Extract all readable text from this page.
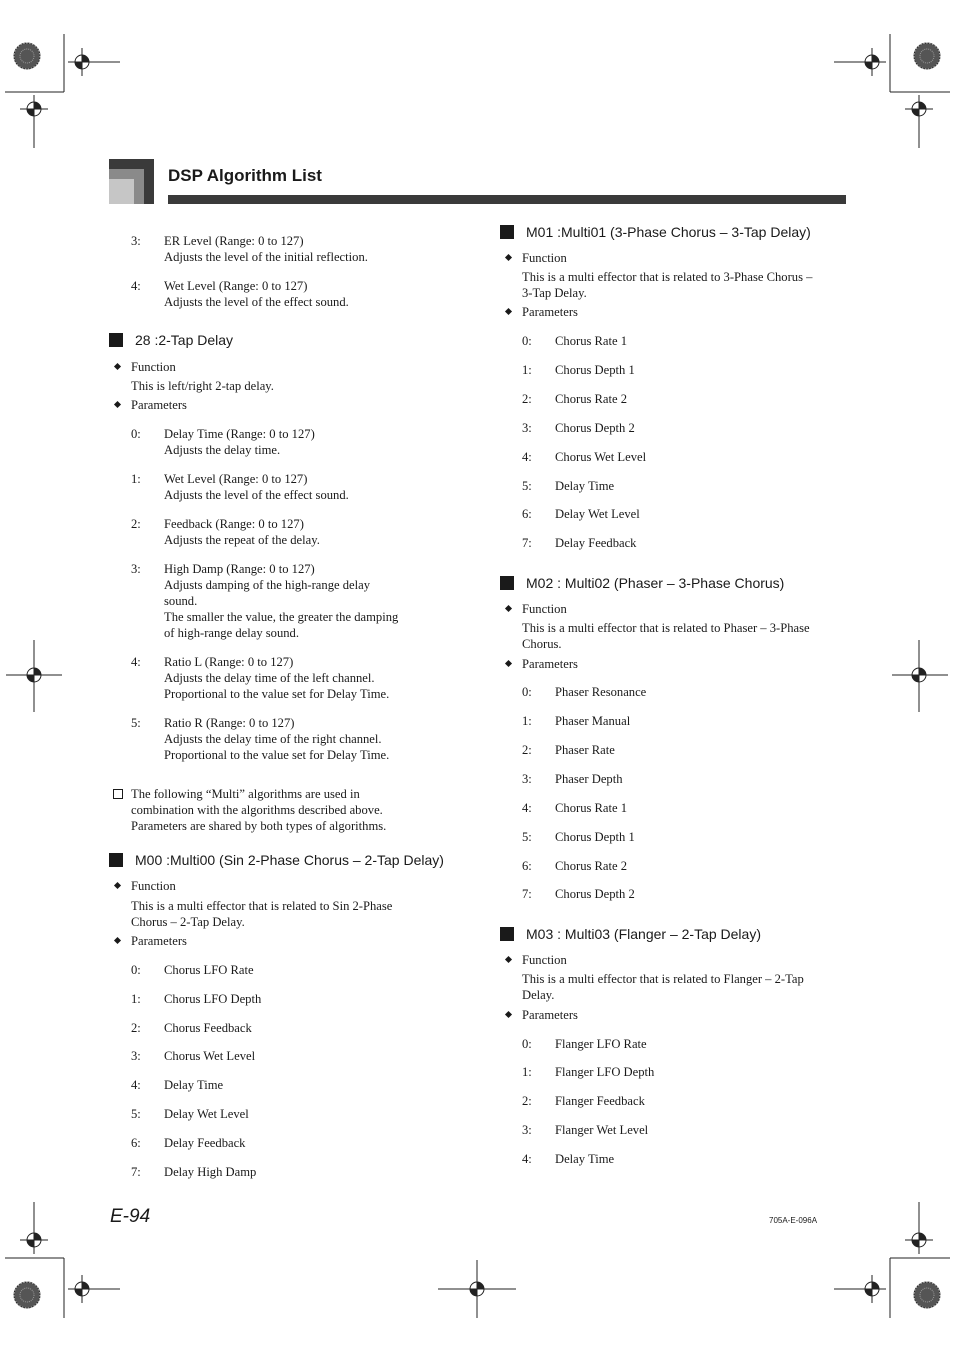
DSP Algorithm List
3: ER Level (Range: 0 to 127)
Adjusts the level of the initial reflection.
4: Wet Level (Range: 0 to 127)
Adjusts the level of the effect sound.
28 :2-Tap Delay
Function
This is left/right 2-tap delay.
Parameters
0: Delay Time (Range: 0 to 127)
Adjusts the delay time.
1: Wet Level (Range: 0 to 127)
Adjusts the level of the effect sound.
2: Feedback (Range: 0 to 127)
Adjusts the repeat of the delay.
3: High Damp (Range: 0 to 127)
Adjusts damping of the high-range delay
sound.
The smaller the value, the greater the damping
of high-range delay sound.
4: Ratio L (Range: 0 to 127)
Adjusts the delay time of the left channel.
Proportional to the value set for Delay Time.
5: Ratio R (Range: 0 to 127)
Adjusts the delay time of the right channel.
Proportional to the value set for Delay Time.
The following “Multi” algorithms are used in
combination with the algorithms described above.
Parameters are shared by both types of algorithms.
M00 :Multi00 (Sin 2-Phase Chorus – 2-Tap Delay)
Function
This is a multi effector that is related to Sin 2-Phase
Chorus – 2-Tap Delay.
Parameters
0: Chorus LFO Rate
1: Chorus LFO Depth
2: Chorus Feedback
3: Chorus Wet Level
4: Delay Time
5: Delay Wet Level
6: Delay Feedback
7: Delay High Damp
M01 :Multi01 (3-Phase Chorus – 3-Tap Delay)
Function
This is a multi effector that is related to 3-Phase Chorus –
3-Tap Delay.
Parameters
0: Chorus Rate 1
1: Chorus Depth 1
2: Chorus Rate 2
3: Chorus Depth 2
4: Chorus Wet Level
5: Delay Time
6: Delay Wet Level
7: Delay Feedback
M02 : Multi02 (Phaser – 3-Phase Chorus)
Function
This is a multi effector that is related to Phaser – 3-Phase
Chorus.
Parameters
0: Phaser Resonance
1: Phaser Manual
2: Phaser Rate
3: Phaser Depth
4: Chorus Rate 1
5: Chorus Depth 1
6: Chorus Rate 2
7: Chorus Depth 2
M03 : Multi03 (Flanger – 2-Tap Delay)
Function
This is a multi effector that is related to Flanger – 2-Tap
Delay.
Parameters
0: Flanger LFO Rate
1: Flanger LFO Depth
2: Flanger Feedback
3: Flanger Wet Level
4: Delay Time
E-94	705A-E-096A
